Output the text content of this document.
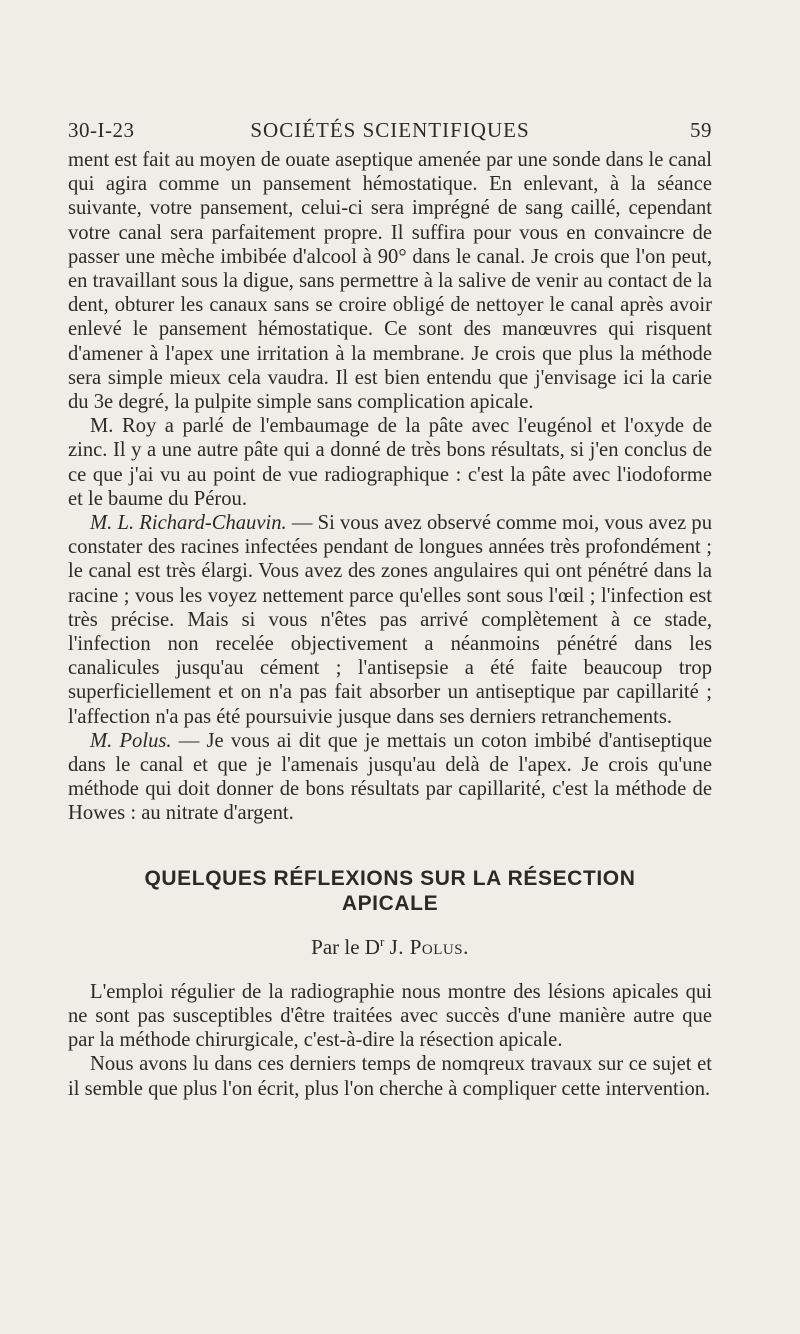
30-I-23	SOCIÉTÉS SCIENTIFIQUES	59

ment est fait au moyen de ouate aseptique amenée par une sonde dans le canal qui agira comme un pansement hémostatique. En enlevant, à la séance suivante, votre pansement, celui-ci sera imprégné de sang caillé, cependant votre canal sera parfaitement propre. Il suffira pour vous en convaincre de passer une mèche imbibée d'alcool à 90° dans le canal. Je crois que l'on peut, en travaillant sous la digue, sans permettre à la salive de venir au contact de la dent, obturer les canaux sans se croire obligé de nettoyer le canal après avoir enlevé le pansement hémostatique. Ce sont des manœuvres qui risquent d'amener à l'apex une irritation à la membrane. Je crois que plus la méthode sera simple mieux cela vaudra. Il est bien entendu que j'envisage ici la carie du 3e degré, la pulpite simple sans complication apicale.

M. Roy a parlé de l'embaumage de la pâte avec l'eugénol et l'oxyde de zinc. Il y a une autre pâte qui a donné de très bons résultats, si j'en conclus de ce que j'ai vu au point de vue radiographique : c'est la pâte avec l'iodoforme et le baume du Pérou.

M. L. Richard-Chauvin. — Si vous avez observé comme moi, vous avez pu constater des racines infectées pendant de longues années très profondément ; le canal est très élargi. Vous avez des zones angulaires qui ont pénétré dans la racine ; vous les voyez nettement parce qu'elles sont sous l'œil ; l'infection est très précise. Mais si vous n'êtes pas arrivé complètement à ce stade, l'infection non recelée objectivement a néanmoins pénétré dans les canalicules jusqu'au cément ; l'antisepsie a été faite beaucoup trop superficiellement et on n'a pas fait absorber un antiseptique par capillarité ; l'affection n'a pas été poursuivie jusque dans ses derniers retranchements.

M. Polus. — Je vous ai dit que je mettais un coton imbibé d'antiseptique dans le canal et que je l'amenais jusqu'au delà de l'apex. Je crois qu'une méthode qui doit donner de bons résultats par capillarité, c'est la méthode de Howes : au nitrate d'argent.

QUELQUES RÉFLEXIONS SUR LA RÉSECTION
APICALE
Par le $D^r$ J. Polus.

L'emploi régulier de la radiographie nous montre des lésions apicales qui ne sont pas susceptibles d'être traitées avec succès d'une manière autre que par la méthode chirurgicale, c'est-à-dire la résection apicale.

Nous avons lu dans ces derniers temps de nomqreux travaux sur ce sujet et il semble que plus l'on écrit, plus l'on cherche à compliquer cette intervention.
